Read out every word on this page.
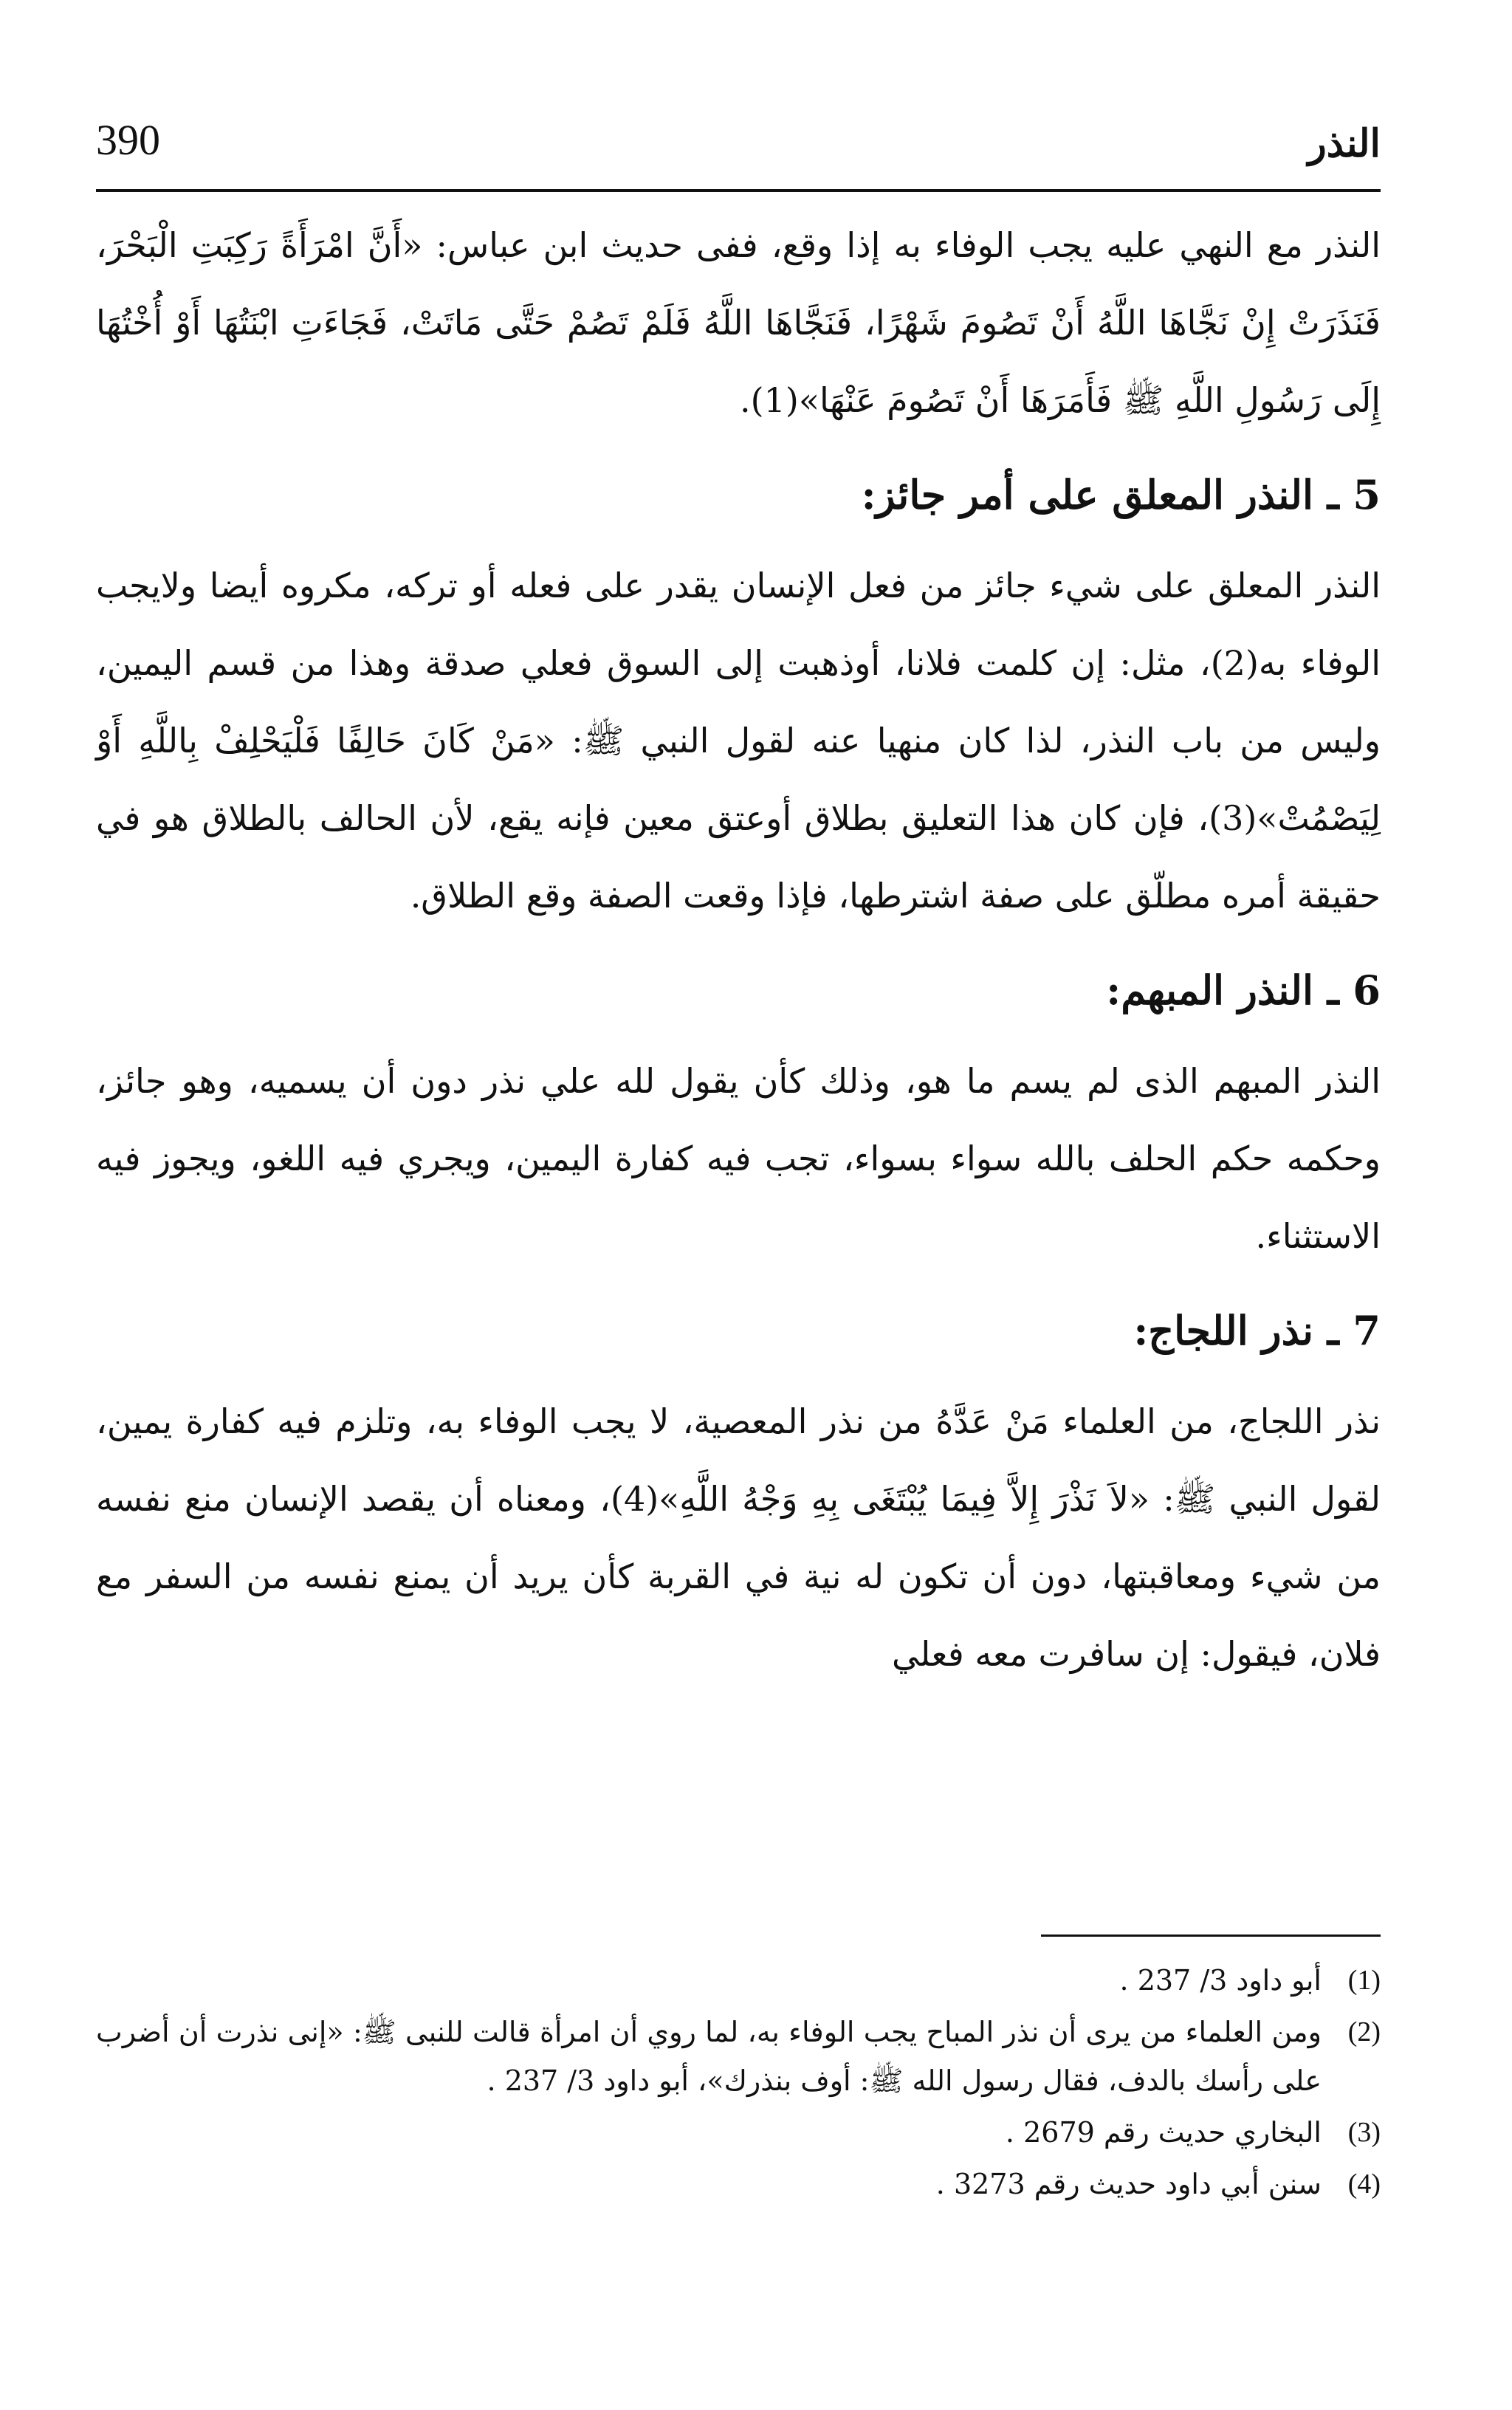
390	النذر

النذر مع النهي عليه يجب الوفاء به إذا وقع، ففى حديث ابن عباس: «أَنَّ امْرَأَةً رَكِبَتِ الْبَحْرَ، فَنَذَرَتْ إِنْ نَجَّاهَا اللَّهُ أَنْ تَصُومَ شَهْرًا، فَنَجَّاهَا اللَّهُ فَلَمْ تَصُمْ حَتَّى مَاتَتْ، فَجَاءَتِ ابْنَتُهَا أَوْ أُخْتُهَا إِلَى رَسُولِ اللَّهِ ﷺ فَأَمَرَهَا أَنْ تَصُومَ عَنْهَا»(1).

5 ـ النذر المعلق على أمر جائز:

النذر المعلق على شيء جائز من فعل الإنسان يقدر على فعله أو تركه، مكروه أيضا ولايجب الوفاء به(2)، مثل: إن كلمت فلانا، أوذهبت إلى السوق فعلي صدقة وهذا من قسم اليمين، وليس من باب النذر، لذا كان منهيا عنه لقول النبي ﷺ: «مَنْ كَانَ حَالِفًا فَلْيَحْلِفْ بِاللَّهِ أَوْ لِيَصْمُتْ»(3)، فإن كان هذا التعليق بطلاق أوعتق معين فإنه يقع، لأن الحالف بالطلاق هو في حقيقة أمره مطلّق على صفة اشترطها، فإذا وقعت الصفة وقع الطلاق.

6 ـ النذر المبهم:

النذر المبهم الذى لم يسم ما هو، وذلك كأن يقول لله علي نذر دون أن يسميه، وهو جائز، وحكمه حكم الحلف بالله سواء بسواء، تجب فيه كفارة اليمين، ويجري فيه اللغو، ويجوز فيه الاستثناء.

7 ـ نذر اللجاج:

نذر اللجاج، من العلماء مَنْ عَدَّهُ من نذر المعصية، لا يجب الوفاء به، وتلزم فيه كفارة يمين، لقول النبي ﷺ: «لاَ نَذْرَ إِلاَّ فِيمَا يُبْتَغَى بِهِ وَجْهُ اللَّهِ»(4)، ومعناه أن يقصد الإنسان منع نفسه من شيء ومعاقبتها، دون أن تكون له نية في القربة كأن يريد أن يمنع نفسه من السفر مع فلان، فيقول: إن سافرت معه فعلي

(1)
أبو داود 3/ 237 .
(2)
ومن العلماء من يرى أن نذر المباح يجب الوفاء به، لما روي أن امرأة قالت للنبى ﷺ: «إنى نذرت أن أضرب على رأسك بالدف، فقال رسول الله ﷺ: أوف بنذرك»، أبو داود 3/ 237 .
(3)
البخاري حديث رقم 2679 .
(4)
سنن أبي داود حديث رقم 3273 .
